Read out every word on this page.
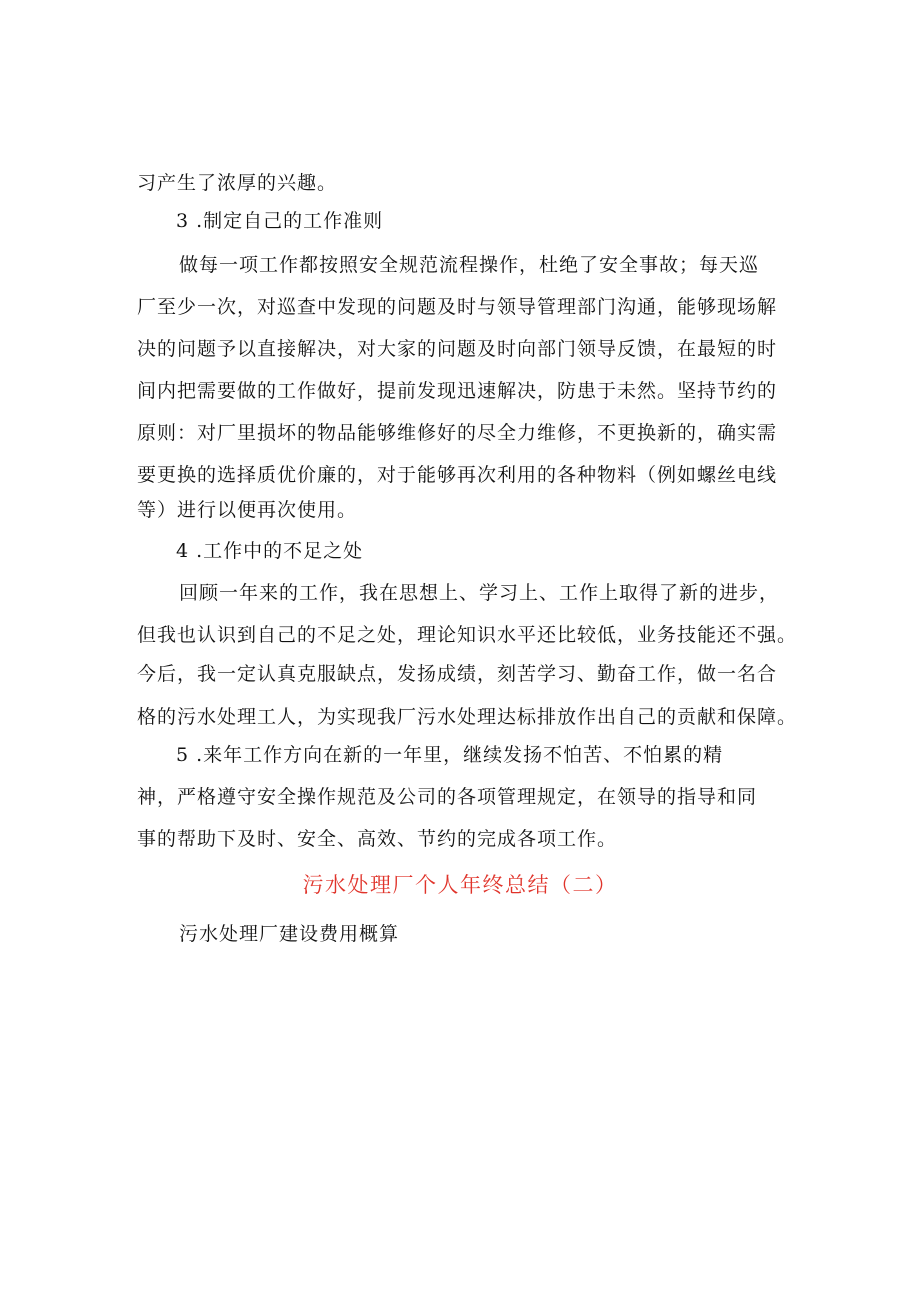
习产生了浓厚的兴趣。
3 .制定自己的工作准则
做每一项工作都按照安全规范流程操作，杜绝了安全事故；每天巡
厂至少一次，对巡查中发现的问题及时与领导管理部门沟通，能够现场解
决的问题予以直接解决，对大家的问题及时向部门领导反馈，在最短的时
间内把需要做的工作做好，提前发现迅速解决，防患于未然。坚持节约的
原则：对厂里损坏的物品能够维修好的尽全力维修，不更换新的，确实需
要更换的选择质优价廉的，对于能够再次利用的各种物料（例如螺丝电线
等）进行以便再次使用。
4 .工作中的不足之处
回顾一年来的工作，我在思想上、学习上、工作上取得了新的进步，
但我也认识到自己的不足之处，理论知识水平还比较低，业务技能还不强。
今后，我一定认真克服缺点，发扬成绩，刻苦学习、勤奋工作，做一名合
格的污水处理工人，为实现我厂污水处理达标排放作出自己的贡献和保障。
5 .来年工作方向在新的一年里，继续发扬不怕苦、不怕累的精
神，严格遵守安全操作规范及公司的各项管理规定，在领导的指导和同
事的帮助下及时、安全、高效、节约的完成各项工作。
污水处理厂个人年终总结（二）
污水处理厂建设费用概算
